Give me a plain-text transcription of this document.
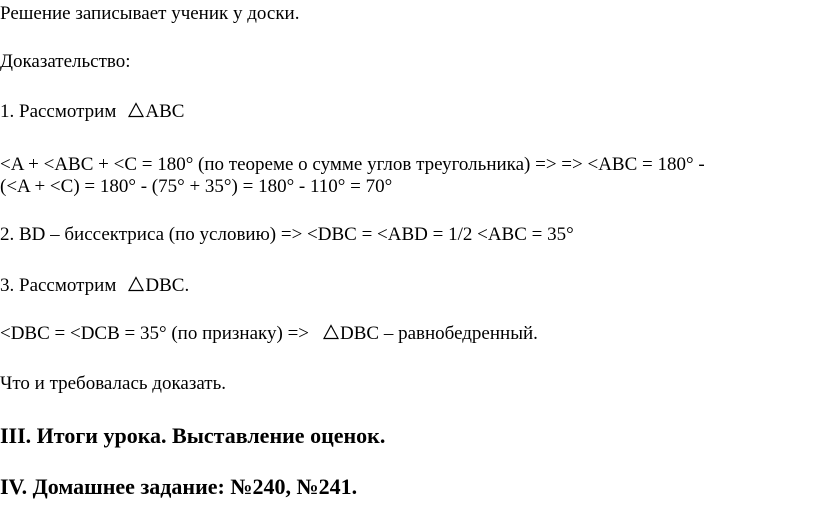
Решение записывает ученик у доски.
Доказательство:
1. Рассмотрим ABC
<A + <ABC + <C = 180° (по теореме о сумме углов треугольника) => => <ABC = 180° -
(<A + <C) = 180° - (75° + 35°) = 180° - 110° = 70°
2. BD – биссектриса (по условию) => <DBC = <ABD = 1/2 <ABC = 35°
3. Рассмотрим DBC.
<DBC = <DCB = 35° (по признаку) => DBC – равнобедренный.
Что и требовалась доказать.
III. Итоги урока. Выставление оценок.
IV. Домашнее задание: №240, №241.
